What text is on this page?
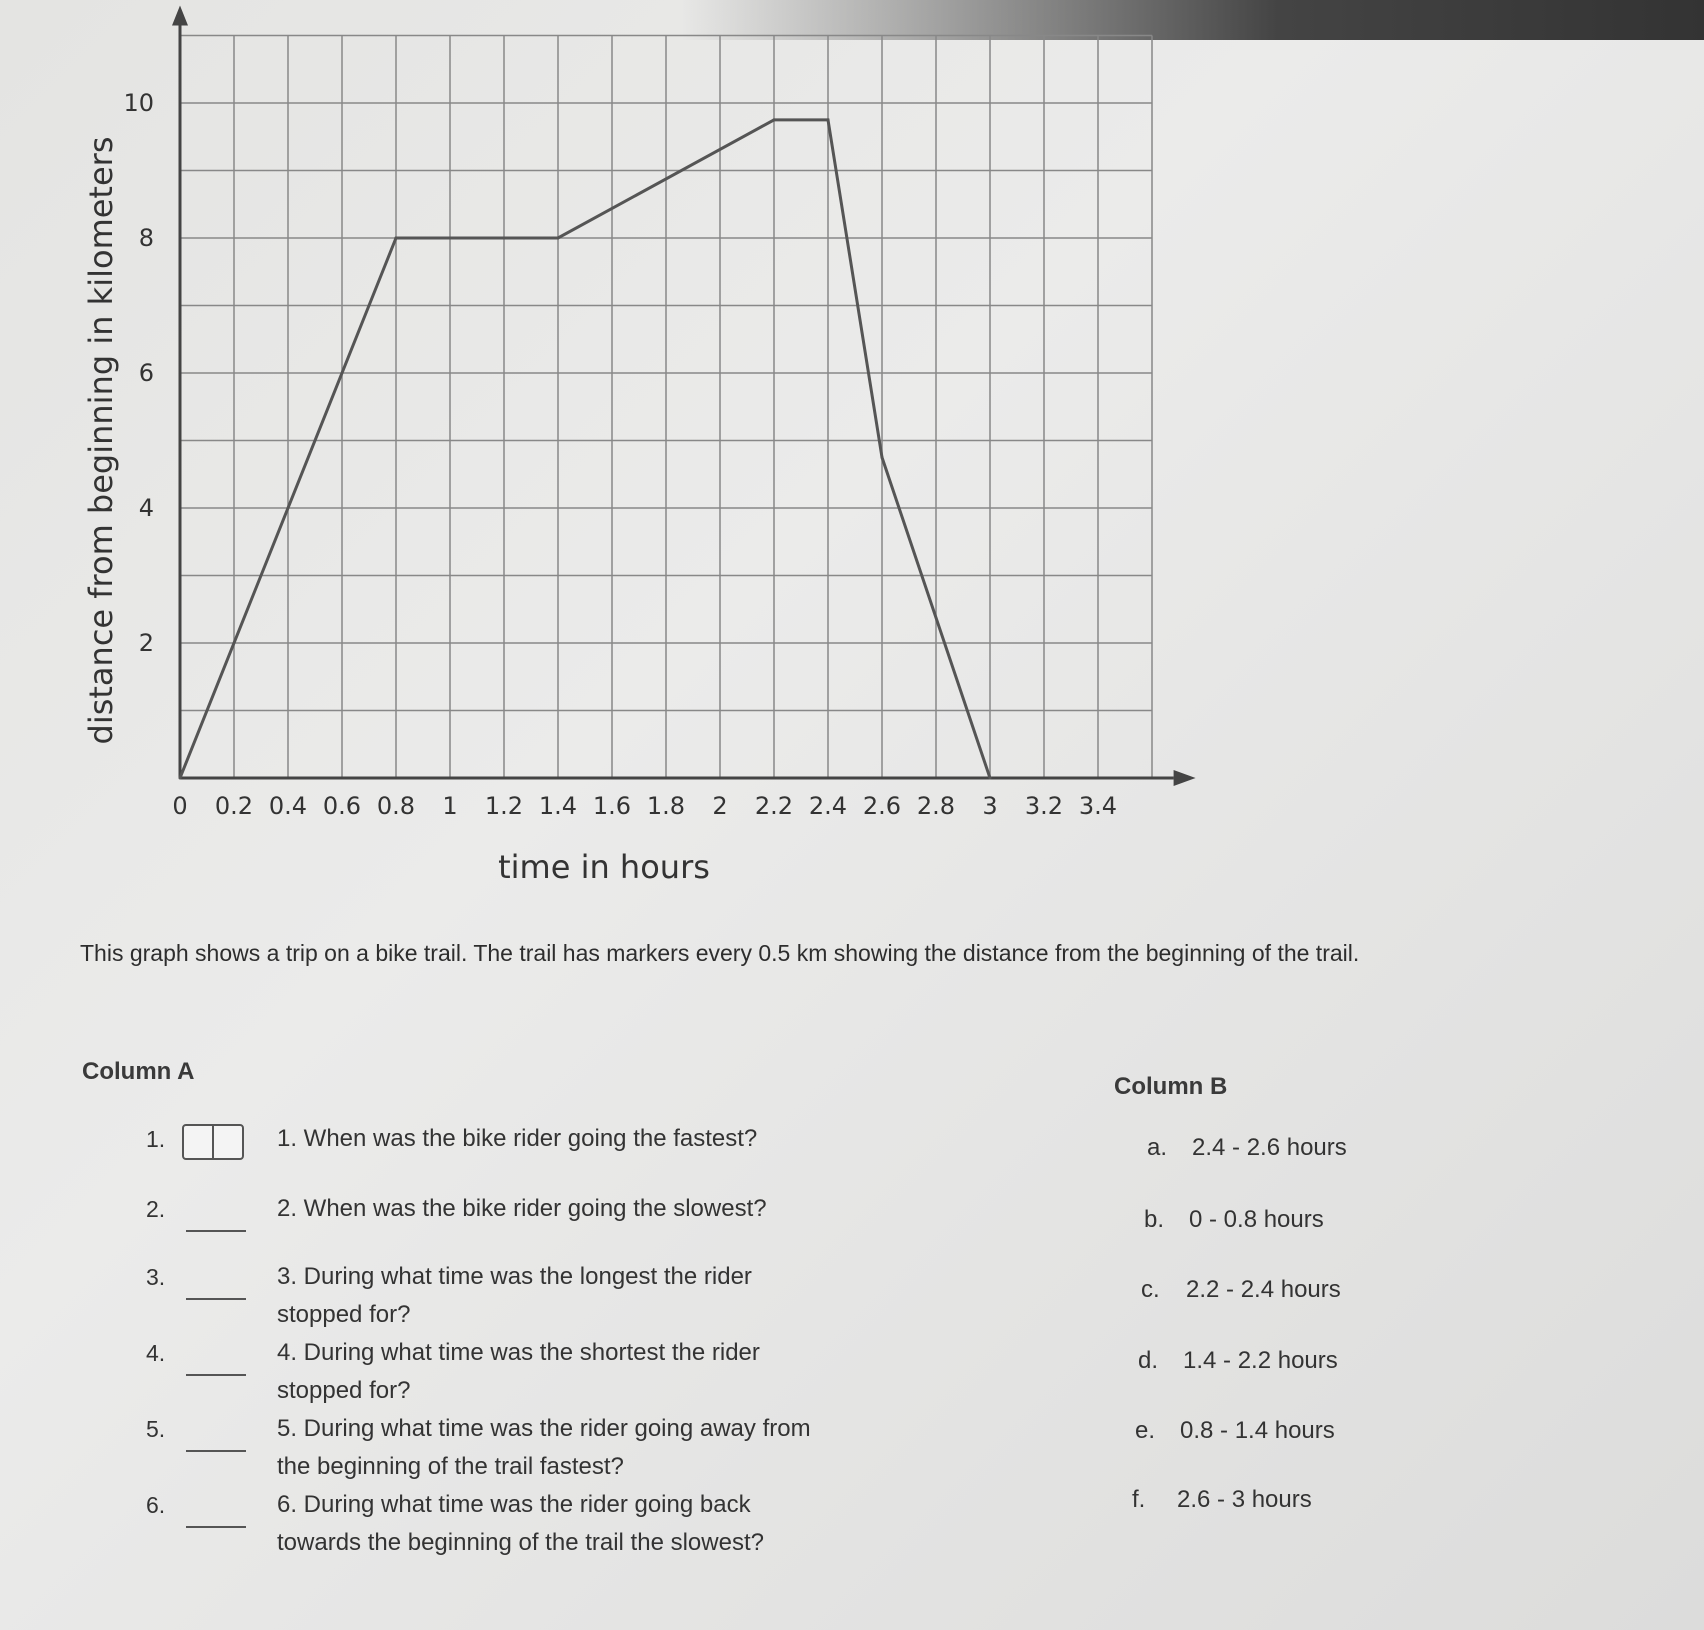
0 0.2 0.4 0.6 0.8 1 1.2 1.4 1.6 1.8 2 2.2 2.4 2.6 2.8 3 3.2 3.4
2
4
6
8
10
time in hours
distance from beginning in kilometers
This graph shows a trip on a bike trail. The trail has markers every 0.5 km showing the distance from the beginning of the trail.
Column A
Column B
1.	1. When was the bike rider going the fastest?
2.	2. When was the bike rider going the slowest?
3.	3. During what time was the longest the rider
stopped for?
4.	4. During what time was the shortest the rider
stopped for?
5.	5. During what time was the rider going away from
the beginning of the trail fastest?
6.	6. During what time was the rider going back
towards the beginning of the trail the slowest?
a. 2.4 - 2.6 hours
b. 0 - 0.8 hours
c. 2.2 - 2.4 hours
d. 1.4 - 2.2 hours
e. 0.8 - 1.4 hours
f. 2.6 - 3 hours
